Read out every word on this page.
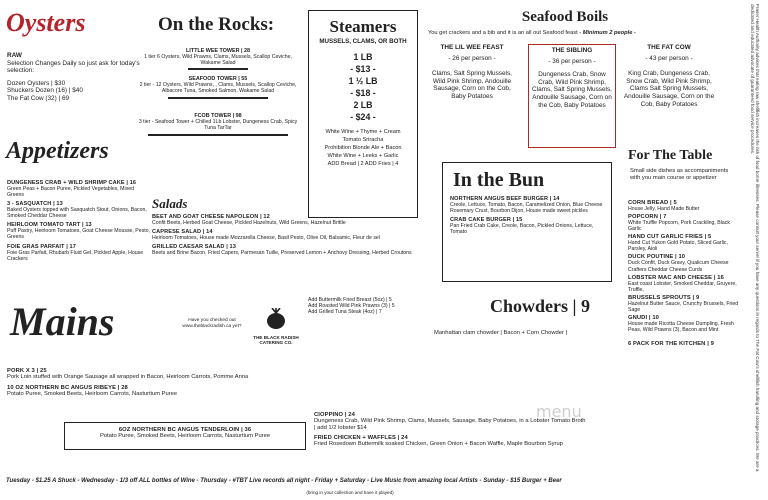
Oysters
RAW
Selection Changes Daily so just ask for today's selection:
Dozen Oysters | $30
Shuckers Dozen (16) | $40
The Fat Cow (32) | 69
On the Rocks:
LITTLE WEE TOWER | 28
1 tier 6 Oysters, Wild Prawns, Clams, Mussels, Scallop Ceviche, Wakame Salad
SEAFOOD TOWER | 55
2 tier - 12 Oysters, Wild Prawns, , Clams, Mussels, Scallop Ceviche, Albacore Tuna, Smoked Salmon, Wakame Salad
FCOB TOWER | 98
3 tier - Seafood Tower + Chilled 1Lb Lobster, Dungeness Crab, Spicy Tuna TarTar
Steamers
MUSSELS, CLAMS, OR BOTH
1 LB
- $13 -
1 ½ LB
- $18 -
2 LB
- $24 -
White Wine + Thyme + Cream
Tomato Sriracha
Prohibition Blonde Ale + Bacon
White Wine + Leeks + Garlic
ADD Bread | 2 ADD Fries | 4
Seafood Boils
You get crackers and a bib and it is an all out Seafood feast - Minimum 2 people -
THE LIL WEE FEAST
- 26 per person -
Clams, Salt Spring Mussels, Wild Pink Shrimp, Andouille Sausage, Corn on the Cob, Baby Potatoes
THE SIBLING
- 36 per person -
Dungeness Crab, Snow Crab, Wild Pink Shrimp, Clams, Salt Spring Mussels, Andouille Sausage, Corn on the Cob, Baby Potatoes
THE FAT COW
- 43 per person -
King Crab, Dungeness Crab, Snow Crab, Wild Pink Shrimp, Clams Salt Spring Mussels, Andouille Sausage, Corn on the Cob, Baby Potatoes
Appetizers
DUNGENESS CRAB + WILD SHRIMP CAKE | 16
Green Peas + Bacon Puree, Pickled Vegetables, Mixed Greens
3 - SASQUATCH | 13
Baked Oysters topped with Sasquatch Stout, Onions, Bacon, Smoked Cheddar Cheese
HEIRLOOM TOMATO TART | 13
Puff Pastry, Heirloom Tomatoes, Goat Cheese Mousse, Pesto, Greens
FOIE GRAS PARFAIT | 17
Foie Gras Parfait, Rhubarb Fluid Gel, Pickled Apple, House Crackers
Salads
BEET AND GOAT CHEESE NAPOLEON | 12
Confit Beets, Herbed Goat Cheese, Pickled Hazelnuts, Wild Greens, Hazelnut Brittle
CAPRESE SALAD | 14
Heirloom Tomatoes, House made Mozzarella Cheese, Basil Pesto, Olive Oil, Balsamic, Fleur de sel
GRILLED CAESAR SALAD | 13
Beets and Brine Bacon, Fried Capers, Parmesan Tuille, Preserved Lemon + Anchovy Dressing, Herbed Croutons
Add Buttermilk Fried Breast (5oz) | 5
Add Roasted Wild Pink Prawns (3) | 5
Add Grilled Tuna Steak (4oz) | 7
In the Bun
NORTHERN ANGUS BEEF BURGER | 14
Creole, Lettuce, Tomato, Bacon, Caramelized Onion, Blue Cheese Rosemary Crust, Bourbon Dijon, House made sweet pickles
CRAB CAKE BURGER | 15
Pan Fried Crab Cake, Creole, Bacon, Pickled Onions, Lettuce, Tomato
For The Table
Small side dishes as accompaniments with you main course or appetizer
CORN BREAD | 5
House Jelly, Hand Made Butter
POPCORN | 7
White Truffle Popcorn, Pork Crackling, Black Garlic
HAND CUT GARLIC FRIES | 5
Hand Cut Yukon Gold Potato, Sliced Garlic, Parsley, Aioli
DUCK POUTINE | 10
Duck Confit, Duck Gravy, Qualicum Cheese Crafters Cheddar Cheese Curds
LOBSTER MAC AND CHEESE | 16
East coast Lobster, Smoked Cheddar, Gruyere, Truffle,
BRUSSELS SPROUTS | 9
Hazelnut Butter Sauce, Crunchy Brussels, Fried Sage
GNUDI | 10
House made Ricotta Cheese Dumpling, Fresh Peas, Wild Prawns (3), Bacon and Mint
6 PACK FOR THE KITCHEN | 9
Mains	Have you checked out www.theblackradish.ca yet?
THE BLACK RADISH CATERING CO.
PORK X 3 | 25
Pork Loin stuffed with Orange Sausage all wrapped in Bacon, Heirloom Carrots, Pomme Anna
10 OZ NORTHERN BC ANGUS RIBEYE | 28
Potato Puree, Smoked Beets, Heirloom Carrots, Nasturtium Puree
6OZ NORTHERN BC ANGUS TENDERLOIN | 36
Potato Puree, Smoked Beets, Heirloom Carrots, Nasturtium Puree
CIOPPINO | 24
Dungeness Crab, Wild Pink Shrimp, Clams, Mussels, Sausage, Baby Potatoes, in a Lobster Tomato Broth
| add 1/2 lobster $14
FRIED CHICKEN + WAFFLES | 24
Fried Rosedown Buttermilk soaked Chicken, Green Onion + Bacon Waffle, Maple Bourbon Syrup
Chowders | 9
Manhattan clam chowder | Bacon + Corn Chowder |
menu	Fraser Health Authority advises that eating raw shellfish increases the risk of food borne illnesses. Please consult your server if you have any questions in regards to The Fat Cow's shellfish handling and storage practices. We are a dedicated and educated advocate of guaranteed food service procedures.
Tuesday - $1.25 A Shuck - Wednesday - 1/3 off ALL bottles of Wine - Thursday - #TBT Live records all night - Friday + Saturday - Live Music from amazing local Artists - Sunday - $15 Burger + Beer
(bring in your collection and have it played)
